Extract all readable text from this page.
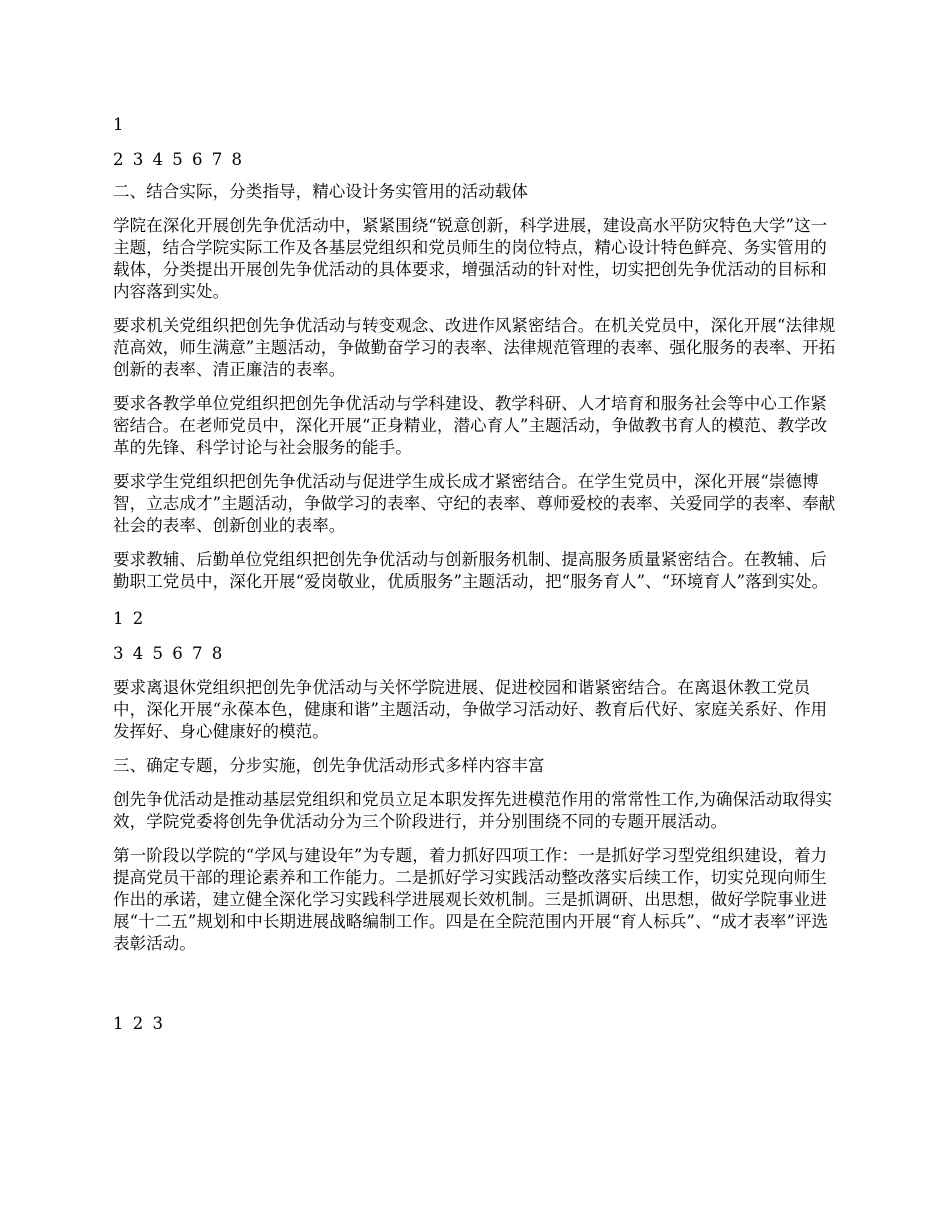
1

2 3 4 5 6 7 8

二、结合实际，分类指导，精心设计务实管用的活动载体

学院在深化开展创先争优活动中，紧紧围绕“锐意创新，科学进展，建设高水平防灾特色大学”这一主题，结合学院实际工作及各基层党组织和党员师生的岗位特点，精心设计特色鲜亮、务实管用的载体，分类提出开展创先争优活动的具体要求，增强活动的针对性，切实把创先争优活动的目标和内容落到实处。

要求机关党组织把创先争优活动与转变观念、改进作风紧密结合。在机关党员中，深化开展“法律规范高效，师生满意”主题活动，争做勤奋学习的表率、法律规范管理的表率、强化服务的表率、开拓创新的表率、清正廉洁的表率。

要求各教学单位党组织把创先争优活动与学科建设、教学科研、人才培育和服务社会等中心工作紧密结合。在老师党员中，深化开展“正身精业，潜心育人”主题活动，争做教书育人的模范、教学改革的先锋、科学讨论与社会服务的能手。

要求学生党组织把创先争优活动与促进学生成长成才紧密结合。在学生党员中，深化开展“崇德博智，立志成才”主题活动，争做学习的表率、守纪的表率、尊师爱校的表率、关爱同学的表率、奉献社会的表率、创新创业的表率。

要求教辅、后勤单位党组织把创先争优活动与创新服务机制、提高服务质量紧密结合。在教辅、后勤职工党员中，深化开展“爱岗敬业，优质服务”主题活动，把“服务育人”、“环境育人”落到实处。

1 2

3 4 5 6 7 8

要求离退休党组织把创先争优活动与关怀学院进展、促进校园和谐紧密结合。在离退休教工党员中，深化开展“永葆本色，健康和谐”主题活动，争做学习活动好、教育后代好、家庭关系好、作用发挥好、身心健康好的模范。

三、确定专题，分步实施，创先争优活动形式多样内容丰富

创先争优活动是推动基层党组织和党员立足本职发挥先进模范作用的常常性工作,为确保活动取得实效，学院党委将创先争优活动分为三个阶段进行，并分别围绕不同的专题开展活动。

第一阶段以学院的“学风与建设年”为专题，着力抓好四项工作：一是抓好学习型党组织建设，着力提高党员干部的理论素养和工作能力。二是抓好学习实践活动整改落实后续工作，切实兑现向师生作出的承诺，建立健全深化学习实践科学进展观长效机制。三是抓调研、出思想，做好学院事业进展“十二五”规划和中长期进展战略编制工作。四是在全院范围内开展“育人标兵”、“成才表率”评选表彰活动。

1 2 3
